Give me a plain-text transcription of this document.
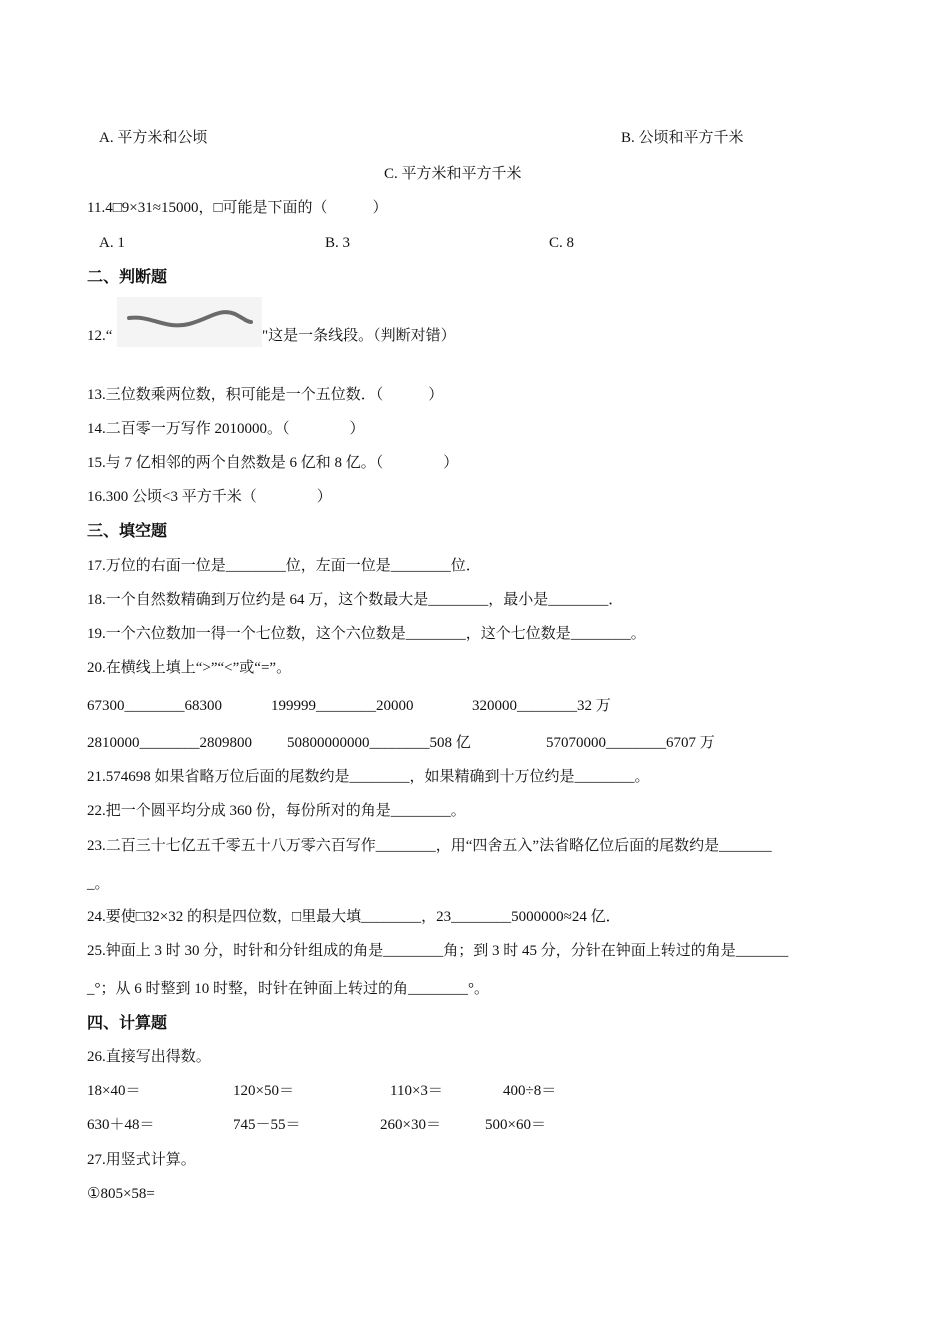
A. 平方米和公顷	B. 公顷和平方千米
C. 平方米和平方千米
11.4□9×31≈15000，□可能是下面的（　　　）
A. 1	B. 3	C. 8
二、判断题
12.“	"这是一条线段。（判断对错）
13.三位数乘两位数，积可能是一个五位数．（　　　）
14.二百零一万写作 2010000。（　　　　）
15.与 7 亿相邻的两个自然数是 6 亿和 8 亿。（　　　　）
16.300 公顷<3 平方千米（　　　　）
三、填空题
17.万位的右面一位是________位，左面一位是________位．
18.一个自然数精确到万位约是 64 万，这个数最大是________，最小是________．
19.一个六位数加一得一个七位数，这个六位数是________，这个七位数是________。
20.在横线上填上“>”“<”或“=”。
67300________68300	199999________20000	320000________32 万
2810000________2809800 50800000000________508 亿	57070000________6707 万
21.574698 如果省略万位后面的尾数约是________，如果精确到十万位约是________。
22.把一个圆平均分成 360 份，每份所对的角是________。
23.二百三十七亿五千零五十八万零六百写作________，用“四舍五入”法省略亿位后面的尾数约是_______
_。
24.要使□32×32 的积是四位数，□里最大填________，23________5000000≈24 亿．
25.钟面上 3 时 30 分，时针和分针组成的角是________角；到 3 时 45 分，分针在钟面上转过的角是_______
_°；从 6 时整到 10 时整，时针在钟面上转过的角________°。
四、计算题
26.直接写出得数。
18×40＝	120×50＝	110×3＝	400÷8＝
630＋48＝	745－55＝	260×30＝	500×60＝
27.用竖式计算。
①805×58=
